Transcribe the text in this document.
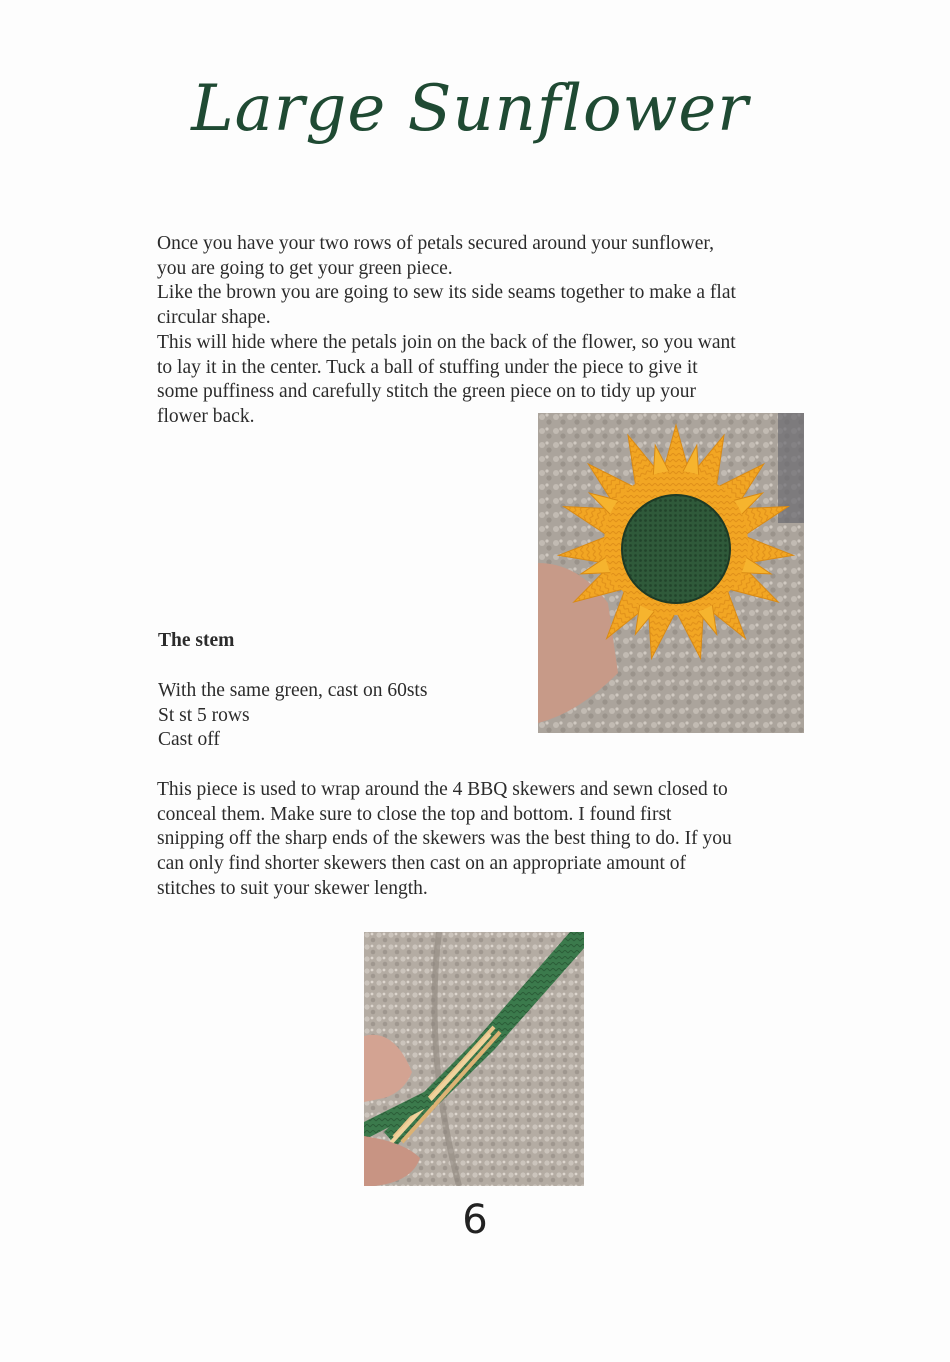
Large Sunflower
Once you have your two rows of petals secured around your sunflower,
you are going to get your green piece.
Like the brown you are going to sew its side seams together to make a flat
circular shape.
This will hide where the petals join on the back of the flower, so you want
to lay it in the center. Tuck a ball of stuffing under the piece to give it
some puffiness and carefully stitch the green piece on to tidy up your
flower back.
The stem
With the same green, cast on 60sts
St st 5 rows
Cast off
This piece is used to wrap around the 4 BBQ skewers and sewn closed to
conceal them. Make sure to close the top and bottom. I found first
snipping off the sharp ends of the skewers was the best thing to do. If you
can only find shorter skewers then cast on an appropriate amount of
stitches to suit your skewer length.
6
